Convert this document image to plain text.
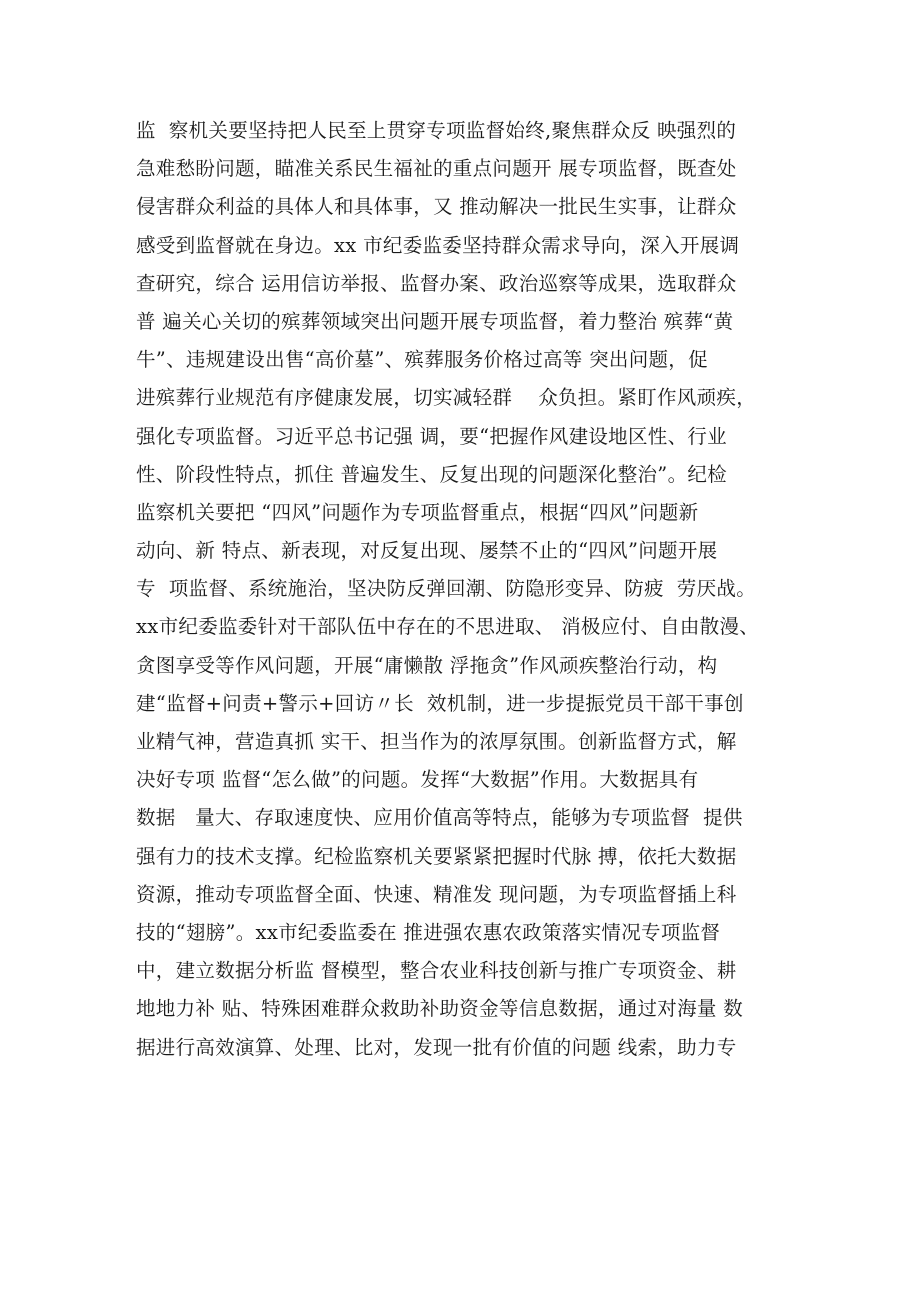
监  察机关要坚持把人民至上贯穿专项监督始终,聚焦群众反 映强烈的
急难愁盼问题，瞄准关系民生福祉的重点问题开 展专项监督，既查处
侵害群众利益的具体人和具体事，又 推动解决一批民生实事，让群众
感受到监督就在身边。xx 市纪委监委坚持群众需求导向，深入开展调
查研究，综合 运用信访举报、监督办案、政治巡察等成果，选取群众
普 遍关心关切的殡葬领域突出问题开展专项监督，着力整治 殡葬“黄
牛”、违规建设出售“高价墓”、殡葬服务价格过高等 突出问题，促
进殡葬行业规范有序健康发展，切实减轻群    众负担。紧盯作风顽疾，
强化专项监督。习近平总书记强 调，要“把握作风建设地区性、行业
性、阶段性特点，抓住 普遍发生、反复出现的问题深化整治”。纪检
监察机关要把 “四风”问题作为专项监督重点，根据“四风”问题新
动向、新 特点、新表现，对反复出现、屡禁不止的“四风”问题开展
专  项监督、系统施治，坚决防反弹回潮、防隐形变异、防疲  劳厌战。
xx市纪委监委针对干部队伍中存在的不思进取、 消极应付、自由散漫、
贪图享受等作风问题，开展“庸懒散 浮拖贪”作风顽疾整治行动，构
建“监督+问责+警示+回访〃长  效机制，进一步提振党员干部干事创
业精气神，营造真抓 实干、担当作为的浓厚氛围。创新监督方式，解
决好专项 监督“怎么做”的问题。发挥“大数据”作用。大数据具有
数据   量大、存取速度快、应用价值高等特点，能够为专项监督  提供
强有力的技术支撑。纪检监察机关要紧紧把握时代脉 搏，依托大数据
资源，推动专项监督全面、快速、精准发 现问题，为专项监督插上科
技的“翅膀”。xx市纪委监委在 推进强农惠农政策落实情况专项监督
中，建立数据分析监 督模型，整合农业科技创新与推广专项资金、耕
地地力补 贴、特殊困难群众救助补助资金等信息数据，通过对海量 数
据进行高效演算、处理、比对，发现一批有价值的问题 线索，助力专
